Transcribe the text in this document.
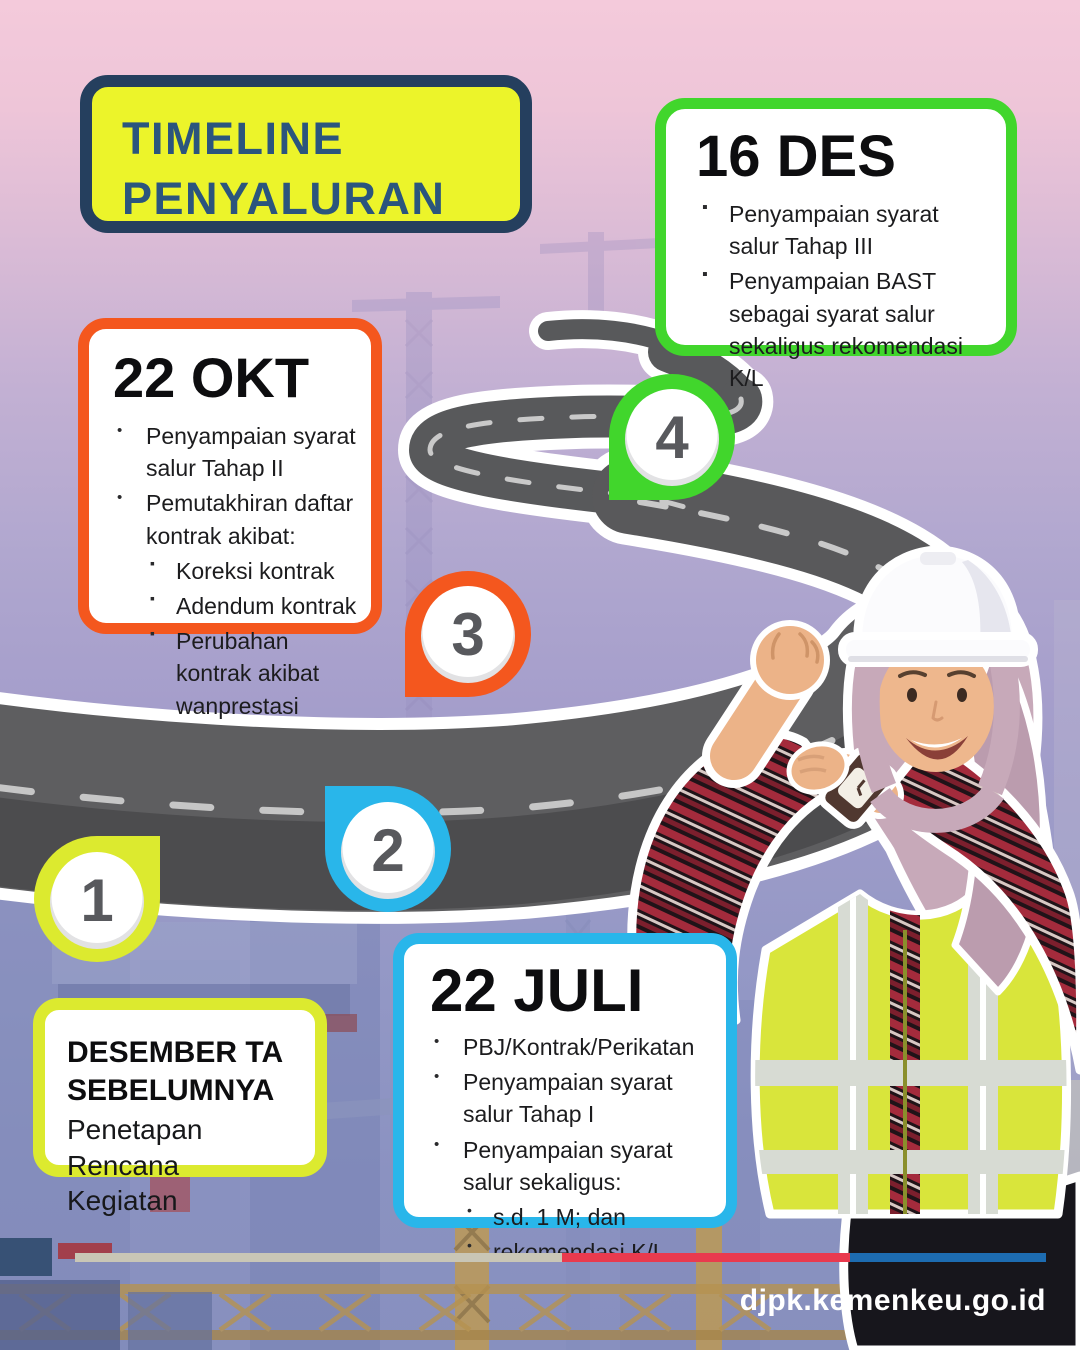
1
2
3
4
TIMELINE
PENYALURAN
16 DES
▪ Penyampaian syarat salur Tahap III
▪ Penyampaian BAST sebagai syarat salur sekaligus rekomendasi K/L
22 OKT
• Penyampaian syarat salur Tahap II
• Pemutakhiran daftar kontrak akibat:
▪ Koreksi kontrak
▪ Adendum kontrak
▪ Perubahan kontrak akibat wanprestasi
22 JULI
• PBJ/Kontrak/Perikatan
• Penyampaian syarat salur Tahap I
• Penyampaian syarat salur sekaligus:
• s.d. 1 M; dan
•
DESEMBER TA SEBELUMNYA
Penetapan Rencana Kegiatan
djpk.kemenkeu.go.id
